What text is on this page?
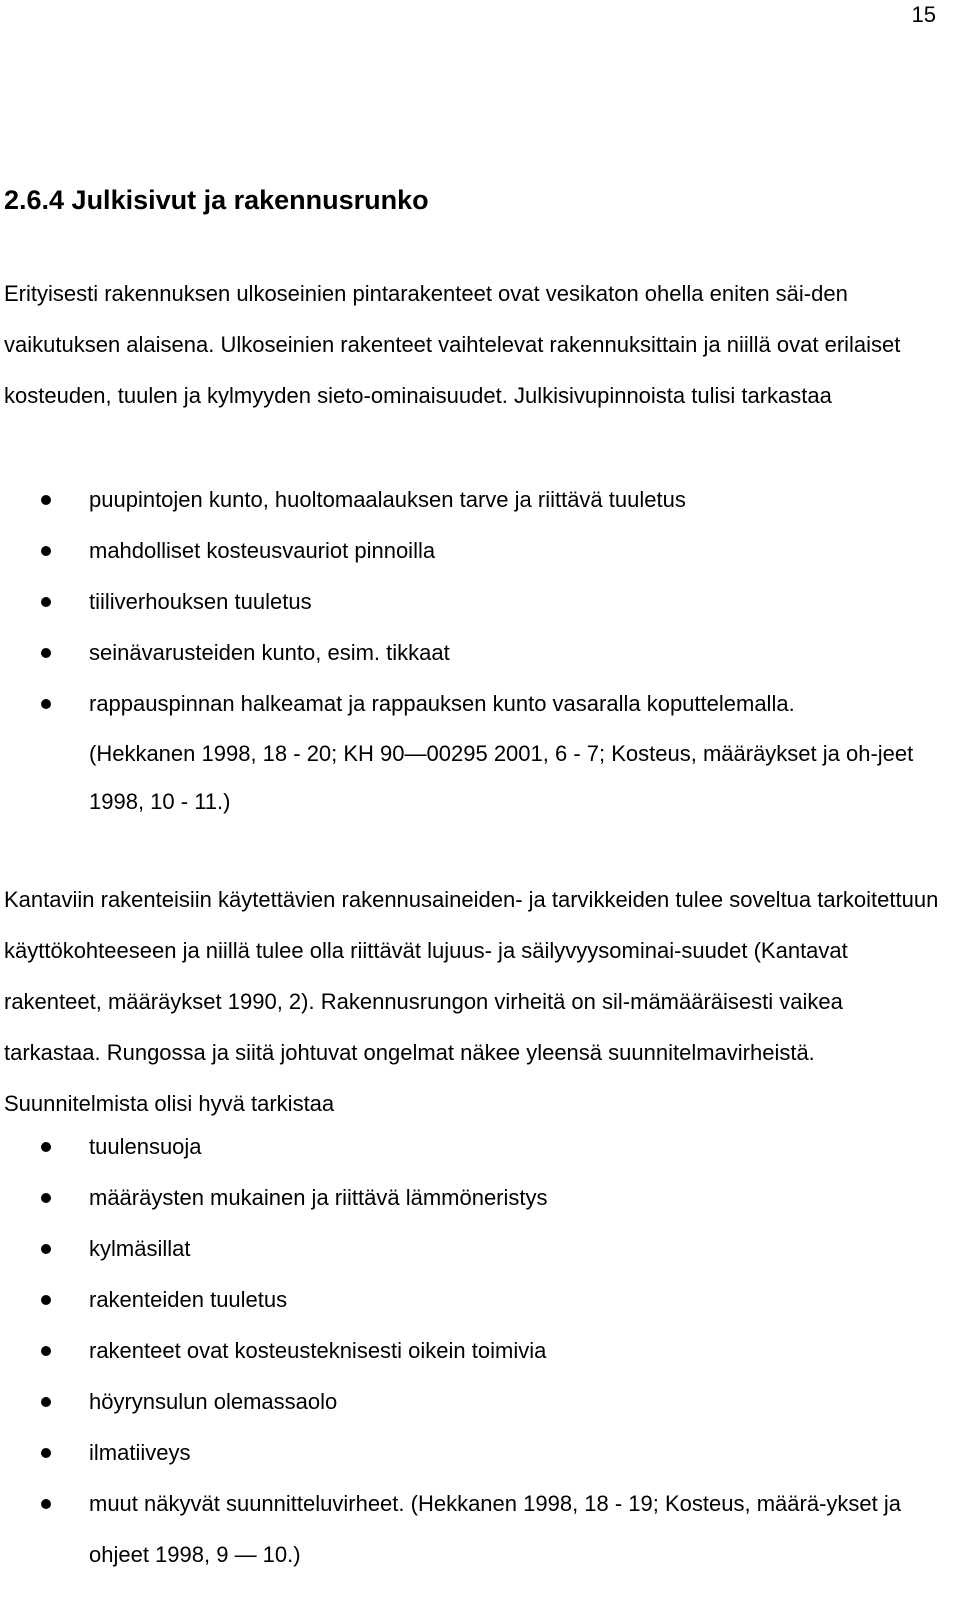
15
2.6.4 Julkisivut ja rakennusrunko

Erityisesti rakennuksen ulkoseinien pintarakenteet ovat vesikaton ohella eniten säi-den vaikutuksen alaisena. Ulkoseinien rakenteet vaihtelevat rakennuksittain ja niillä ovat erilaiset kosteuden, tuulen ja kylmyyden sieto-ominaisuudet. Julkisivupinnoista tulisi tarkastaa

puupintojen kunto, huoltomaalauksen tarve ja riittävä tuuletus
mahdolliset kosteusvauriot pinnoilla
tiiliverhouksen tuuletus
seinävarusteiden kunto, esim. tikkaat
rappauspinnan halkeamat ja rappauksen kunto vasaralla koputtelemalla.

(Hekkanen 1998, 18 - 20; KH 90—00295 2001, 6 - 7; Kosteus, määräykset ja oh-jeet 1998, 10 - 11.)

Kantaviin rakenteisiin käytettävien rakennusaineiden- ja tarvikkeiden tulee soveltua tarkoitettuun käyttökohteeseen ja niillä tulee olla riittävät lujuus- ja säilyvyysominai-suudet (Kantavat rakenteet, määräykset 1990, 2). Rakennusrungon virheitä on sil-mämääräisesti vaikea tarkastaa. Rungossa ja siitä johtuvat ongelmat näkee yleensä suunnitelmavirheistä. Suunnitelmista olisi hyvä tarkistaa

tuulensuoja
määräysten mukainen ja riittävä lämmöneristys
kylmäsillat
rakenteiden tuuletus
rakenteet ovat kosteusteknisesti oikein toimivia
höyrynsulun olemassaolo
ilmatiiveys
muut näkyvät suunnitteluvirheet. (Hekkanen 1998, 18 - 19; Kosteus, määrä-ykset ja ohjeet 1998, 9 — 10.)
